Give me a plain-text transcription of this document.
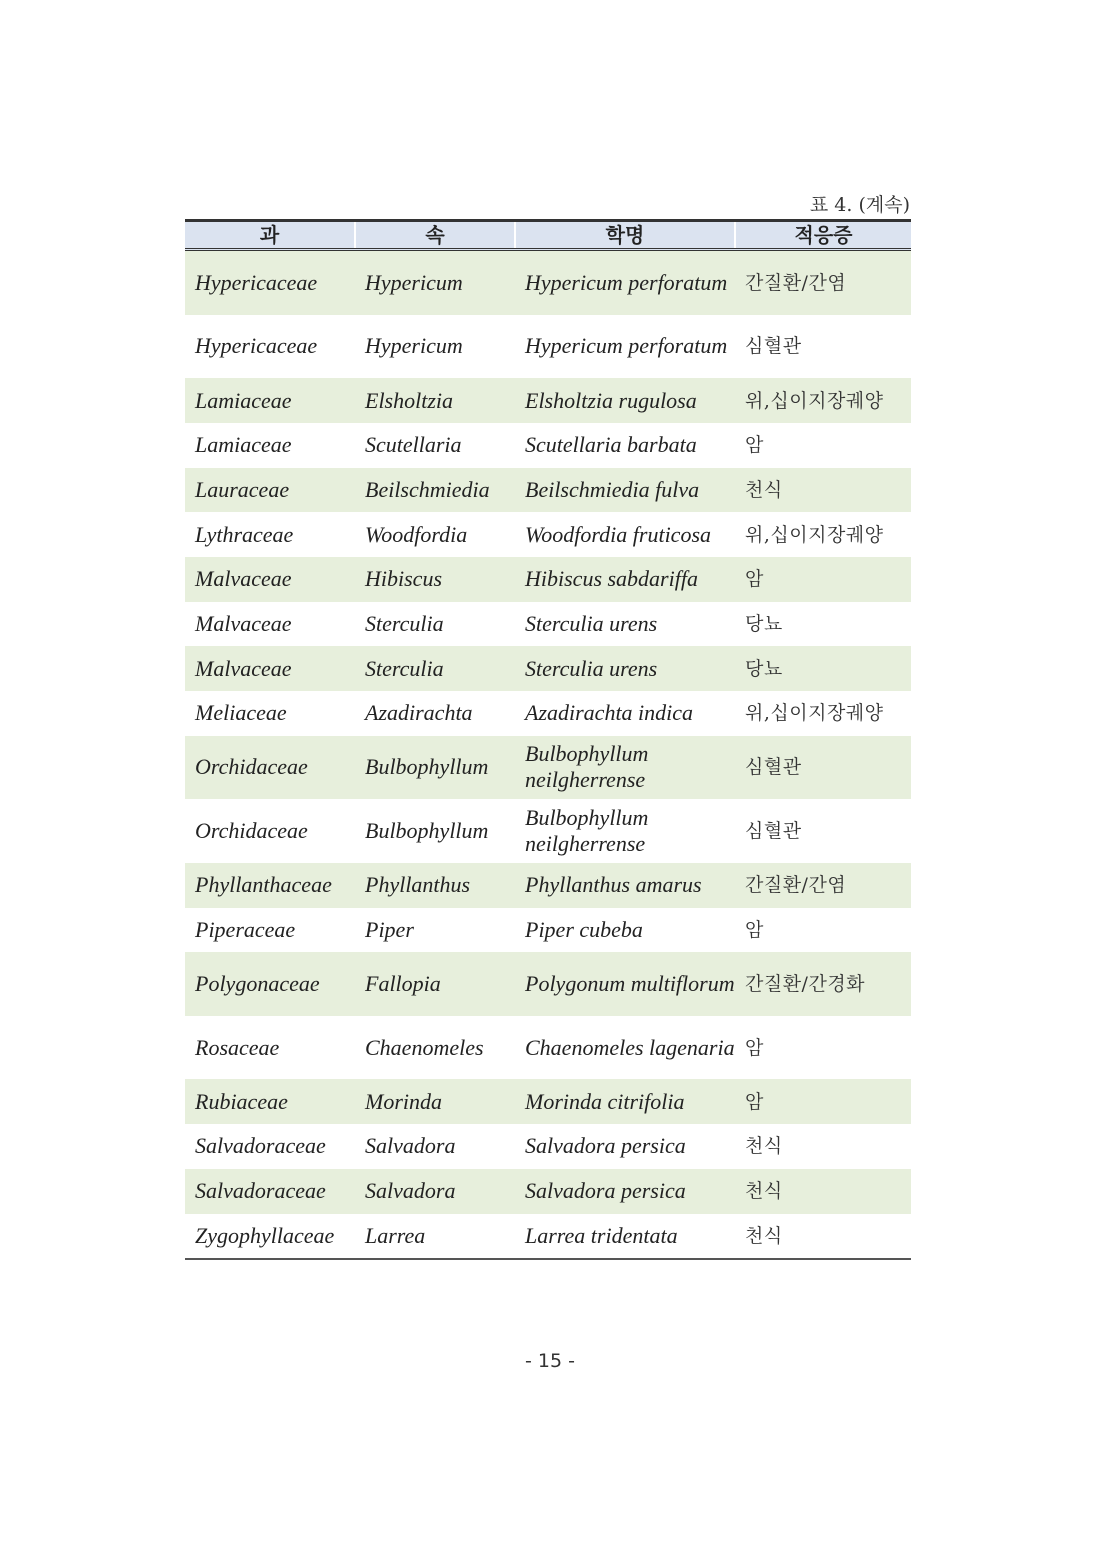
표 4. (계속)
과	속	학명	적응증
Hypericaceae	Hypericum	Hypericum perforatum	간질환/간염
Hypericaceae	Hypericum	Hypericum perforatum	심혈관
Lamiaceae	Elsholtzia	Elsholtzia rugulosa	위,십이지장궤양
Lamiaceae	Scutellaria	Scutellaria barbata	암
Lauraceae	Beilschmiedia	Beilschmiedia fulva	천식
Lythraceae	Woodfordia	Woodfordia fruticosa	위,십이지장궤양
Malvaceae	Hibiscus	Hibiscus sabdariffa	암
Malvaceae	Sterculia	Sterculia urens	당뇨
Malvaceae	Sterculia	Sterculia urens	당뇨
Meliaceae	Azadirachta	Azadirachta indica	위,십이지장궤양
Orchidaceae	Bulbophyllum	Bulbophyllum neilgherrense	심혈관
Orchidaceae	Bulbophyllum	Bulbophyllum neilgherrense	심혈관
Phyllanthaceae	Phyllanthus	Phyllanthus amarus	간질환/간염
Piperaceae	Piper	Piper cubeba	암
Polygonaceae	Fallopia	Polygonum multiflorum	간질환/간경화
Rosaceae	Chaenomeles	Chaenomeles lagenaria	암
Rubiaceae	Morinda	Morinda citrifolia	암
Salvadoraceae	Salvadora	Salvadora persica	천식
Salvadoraceae	Salvadora	Salvadora persica	천식
Zygophyllaceae	Larrea	Larrea tridentata	천식
- 15 -
